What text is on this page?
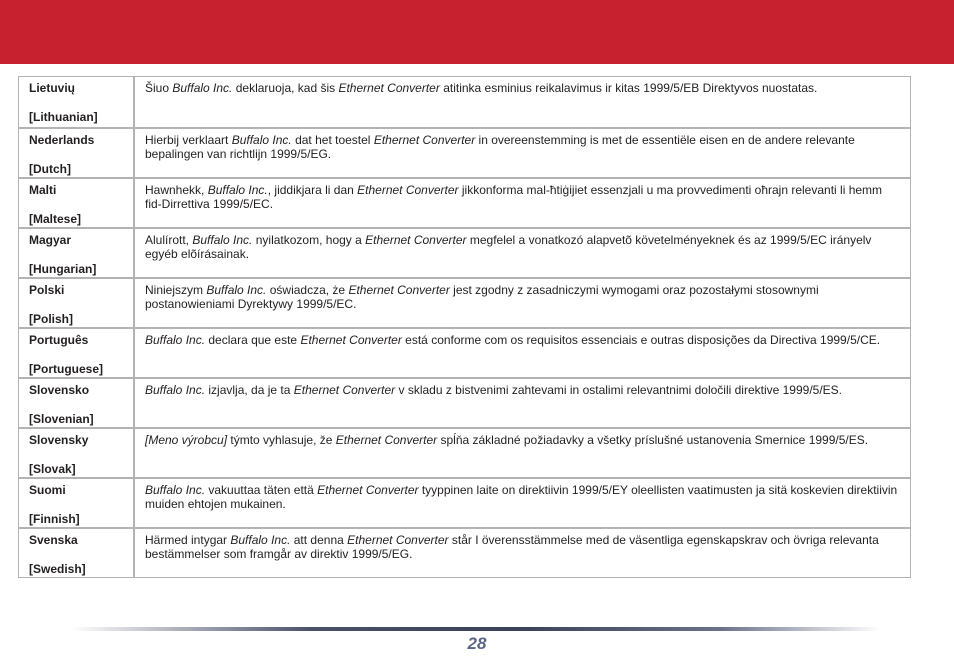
Lietuvių
[Lithuanian]	Šiuo Buffalo Inc. deklaruoja, kad šis Ethernet Converter atitinka esminius reikalavimus ir kitas 1999/5/EB Direktyvos nuostatas.

Nederlands
[Dutch]	Hierbij verklaart Buffalo Inc. dat het toestel Ethernet Converter in overeenstemming is met de essentiële eisen en de andere relevante bepalingen van richtlijn 1999/5/EG.

Malti
[Maltese]	Hawnhekk, Buffalo Inc., jiddikjara li dan Ethernet Converter jikkonforma mal-ħtiġijiet essenzjali u ma provvedimenti oħrajn relevanti li hemm fid-Dirrettiva 1999/5/EC.

Magyar
[Hungarian]	Alulírott, Buffalo Inc. nyilatkozom, hogy a Ethernet Converter megfelel a vonatkozó alapvetõ követelményeknek és az 1999/5/EC irányelv egyéb elõírásainak.

Polski
[Polish]	Niniejszym Buffalo Inc. oświadcza, że Ethernet Converter jest zgodny z zasadniczymi wymogami oraz pozostałymi stosownymi postanowieniami Dyrektywy 1999/5/EC.

Português
[Portuguese]	Buffalo Inc. declara que este Ethernet Converter está conforme com os requisitos essenciais e outras disposições da Directiva 1999/5/CE.

Slovensko
[Slovenian]	Buffalo Inc. izjavlja, da je ta Ethernet Converter v skladu z bistvenimi zahtevami in ostalimi relevantnimi določili direktive 1999/5/ES.

Slovensky
[Slovak]	[Meno výrobcu] týmto vyhlasuje, že Ethernet Converter spĺňa základné požiadavky a všetky príslušné ustanovenia Smernice 1999/5/ES.

Suomi
[Finnish]	Buffalo Inc. vakuuttaa täten että Ethernet Converter tyyppinen laite on direktiivin 1999/5/EY oleellisten vaatimusten ja sitä koskevien direktiivin muiden ehtojen mukainen.

Svenska
[Swedish]	Härmed intygar Buffalo Inc. att denna Ethernet Converter står I överensstämmelse med de väsentliga egenskapskrav och övriga relevanta bestämmelser som framgår av direktiv 1999/5/EG.
28
